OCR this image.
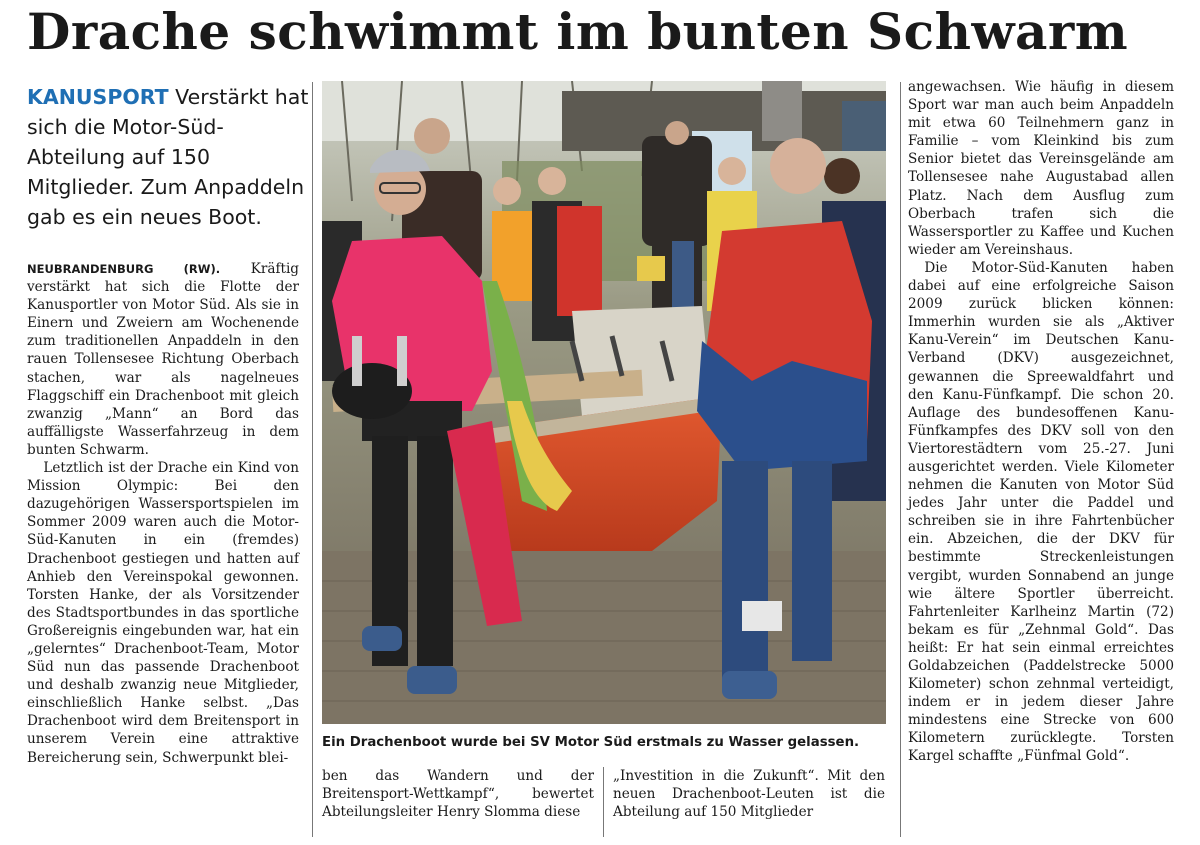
Drache schwimmt im bunten Schwarm
KANUSPORT Verstärkt hat sich die Motor-Süd-Abteilung auf 150 Mitglieder. Zum Anpaddeln gab es ein neues Boot.

NEUBRANDENBURG (RW). Kräftig verstärkt hat sich die Flotte der Kanusportler von Motor Süd. Als sie in Einern und Zweiern am Wochenende zum traditionellen Anpaddeln in den rauen Tollensesee Richtung Oberbach stachen, war als nagelneues Flaggschiff ein Drachenboot mit gleich zwanzig „Mann“ an Bord das auffälligste Wasserfahrzeug in dem bunten Schwarm.

Letztlich ist der Drache ein Kind von Mission Olympic: Bei den dazugehörigen Wassersportspielen im Sommer 2009 waren auch die Motor-Süd-Kanuten in ein (fremdes) Drachenboot gestiegen und hatten auf Anhieb den Vereinspokal gewonnen. Torsten Hanke, der als Vorsitzender des Stadtsportbundes in das sportliche Großereignis eingebunden war, hat ein „gelerntes“ Drachenboot-Team, Motor Süd nun das passende Drachenboot und deshalb zwanzig neue Mitglieder, einschließlich Hanke selbst. „Das Drachenboot wird dem Breitensport in unserem Verein eine attraktive Bereicherung sein, Schwerpunkt blei-

Ein Drachenboot wurde bei SV Motor Süd erstmals zu Wasser gelassen.

ben das Wandern und der Breitensport-Wettkampf“, bewertet Abteilungsleiter Henry Slomma diese

„Investition in die Zukunft“. Mit den neuen Drachenboot-Leuten ist die Abteilung auf 150 Mitglieder

angewachsen. Wie häufig in diesem Sport war man auch beim Anpaddeln mit etwa 60 Teilnehmern ganz in Familie – vom Kleinkind bis zum Senior bietet das Vereinsgelände am Tollensesee nahe Augustabad allen Platz. Nach dem Ausflug zum Oberbach trafen sich die Wassersportler zu Kaffee und Kuchen wieder am Vereinshaus.

Die Motor-Süd-Kanuten haben dabei auf eine erfolgreiche Saison 2009 zurück blicken können: Immerhin wurden sie als „Aktiver Kanu-Verein“ im Deutschen Kanu-Verband (DKV) ausgezeichnet, gewannen die Spreewaldfahrt und den Kanu-Fünfkampf. Die schon 20. Auflage des bundesoffenen Kanu-Fünfkampfes des DKV soll von den Viertorestädtern vom 25.-27. Juni ausgerichtet werden. Viele Kilometer nehmen die Kanuten von Motor Süd jedes Jahr unter die Paddel und schreiben sie in ihre Fahrtenbücher ein. Abzeichen, die der DKV für bestimmte Streckenleistungen vergibt, wurden Sonnabend an junge wie ältere Sportler überreicht. Fahrtenleiter Karlheinz Martin (72) bekam es für „Zehnmal Gold“. Das heißt: Er hat sein einmal erreichtes Goldabzeichen (Paddelstrecke 5000 Kilometer) schon zehnmal verteidigt, indem er in jedem dieser Jahre mindestens eine Strecke von 600 Kilometern zurücklegte. Torsten Kargel schaffte „Fünfmal Gold“.
